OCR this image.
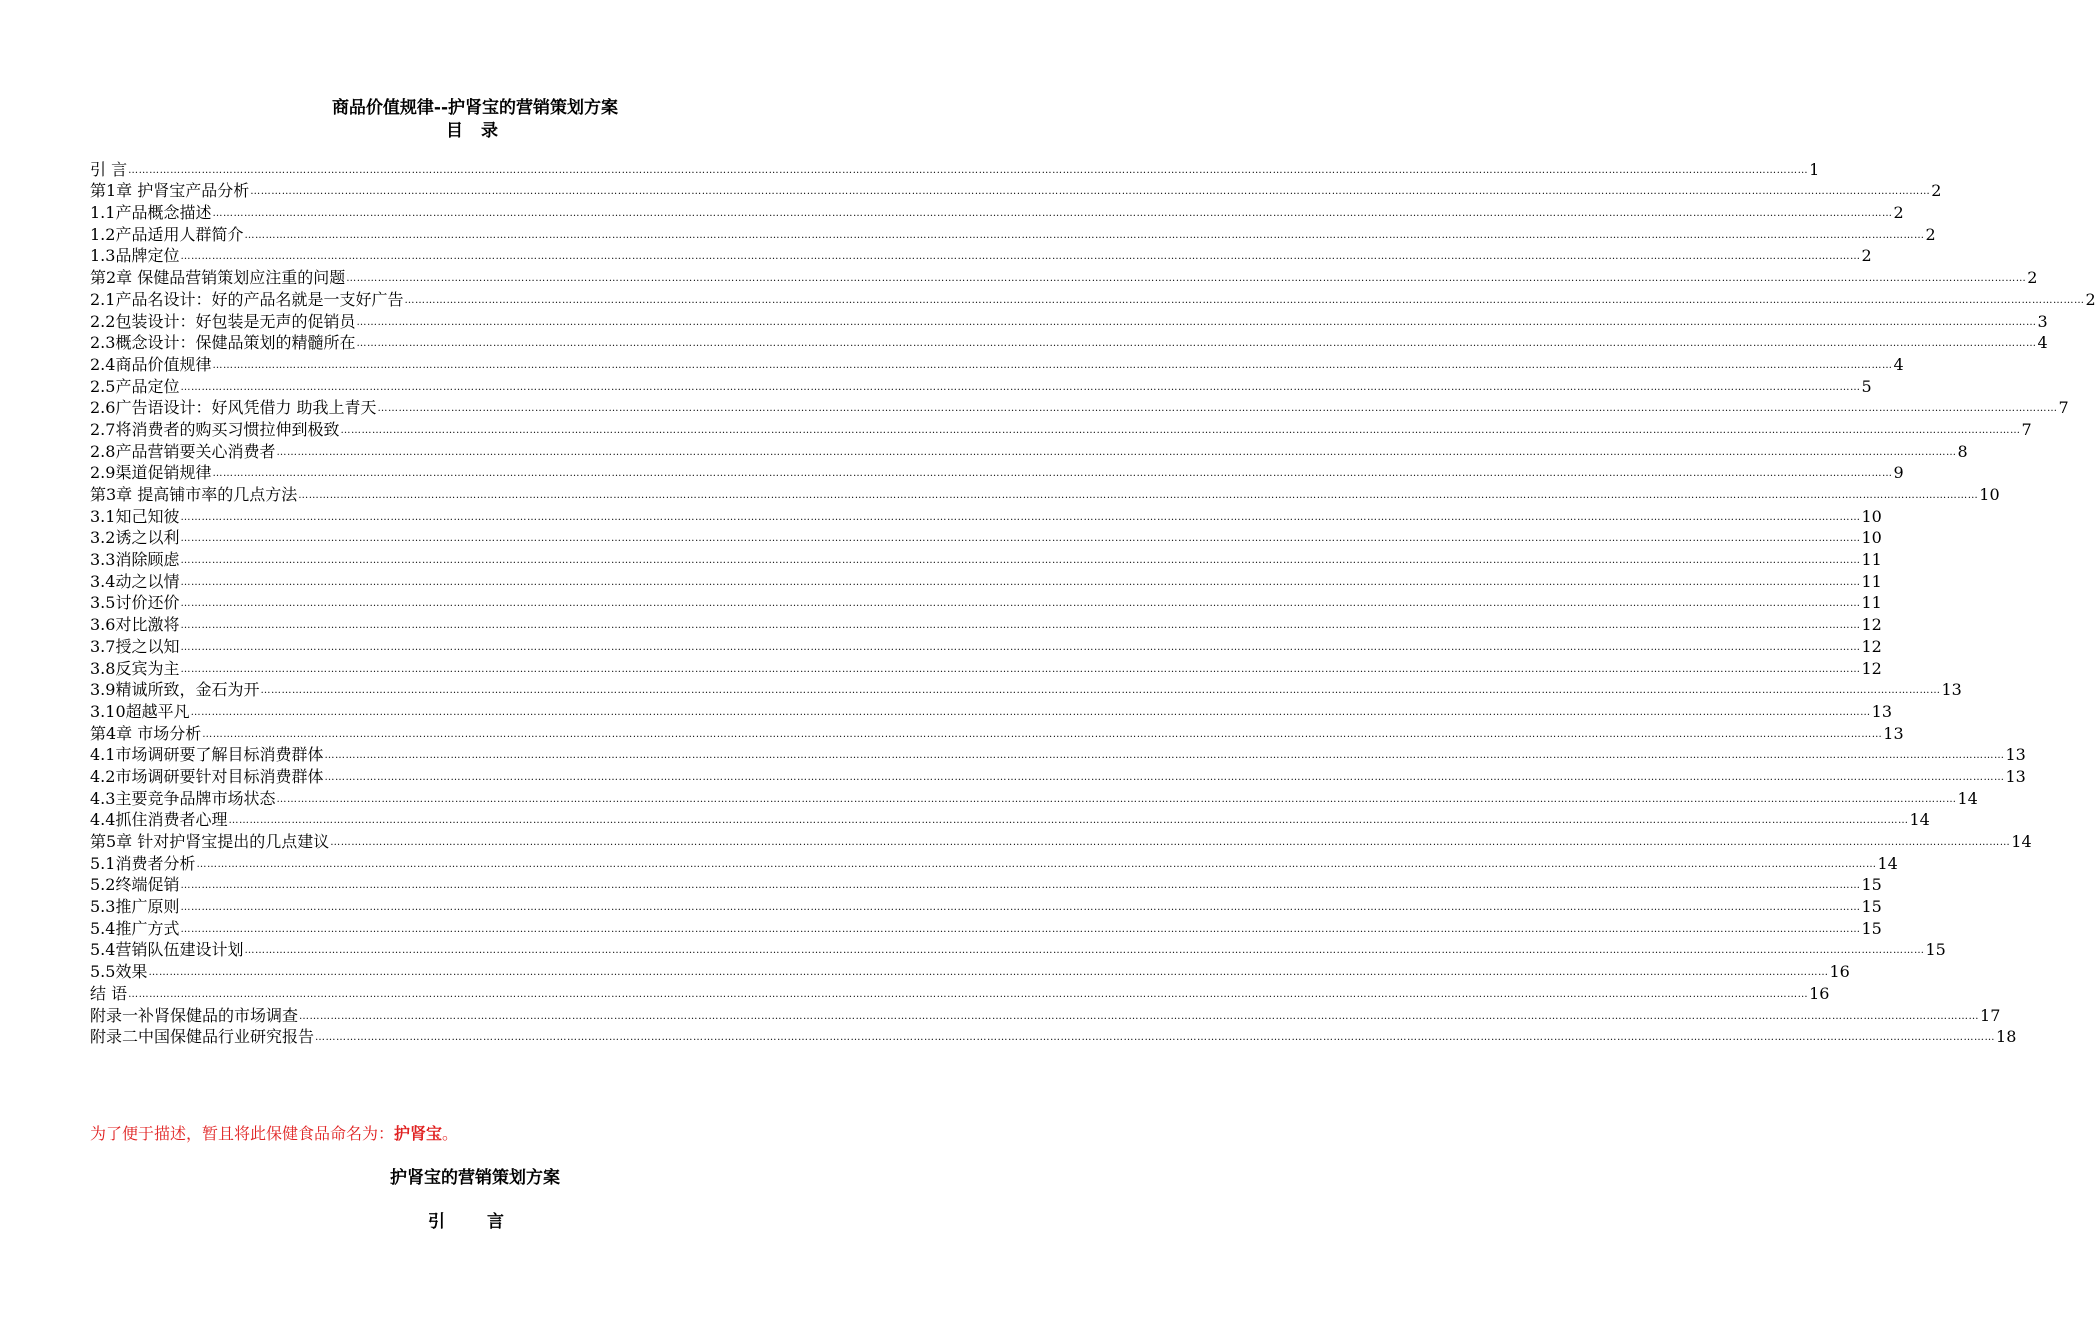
商品价值规律--护肾宝的营销策划方案
目 录
引 言 ………………………………………………………………………………………………………………………………………………………………………………………………………………………………………………………………………………………………………………………………………………………………………………………………………………………………………… 1
第1章 护肾宝产品分析 ………………………………………………………………………………………………………………………………………………………………………………………………………………………………………………………………………………………………………………………………………………………………………………………………………………………………………… 2
1.1产品概念描述 ………………………………………………………………………………………………………………………………………………………………………………………………………………………………………………………………………………………………………………………………………………………………………………………………………………………………………… 2
1.2产品适用人群简介 ………………………………………………………………………………………………………………………………………………………………………………………………………………………………………………………………………………………………………………………………………………………………………………………………………………………………………… 2
1.3品牌定位 ………………………………………………………………………………………………………………………………………………………………………………………………………………………………………………………………………………………………………………………………………………………………………………………………………………………………………… 2
第2章 保健品营销策划应注重的问题 ………………………………………………………………………………………………………………………………………………………………………………………………………………………………………………………………………………………………………………………………………………………………………………………………………………………………………… 2
2.1产品名设计：好的产品名就是一支好广告 ………………………………………………………………………………………………………………………………………………………………………………………………………………………………………………………………………………………………………………………………………………………………………………………………………………………………………… 2
2.2包装设计：好包装是无声的促销员 ………………………………………………………………………………………………………………………………………………………………………………………………………………………………………………………………………………………………………………………………………………………………………………………………………………………………………… 3
2.3概念设计：保健品策划的精髓所在 ………………………………………………………………………………………………………………………………………………………………………………………………………………………………………………………………………………………………………………………………………………………………………………………………………………………………………… 4
2.4商品价值规律 ………………………………………………………………………………………………………………………………………………………………………………………………………………………………………………………………………………………………………………………………………………………………………………………………………………………………………… 4
2.5产品定位 ………………………………………………………………………………………………………………………………………………………………………………………………………………………………………………………………………………………………………………………………………………………………………………………………………………………………………… 5
2.6广告语设计：好风凭借力 助我上青天 ………………………………………………………………………………………………………………………………………………………………………………………………………………………………………………………………………………………………………………………………………………………………………………………………………………………………………… 7
2.7将消费者的购买习惯拉伸到极致 ………………………………………………………………………………………………………………………………………………………………………………………………………………………………………………………………………………………………………………………………………………………………………………………………………………………………………… 7
2.8产品营销要关心消费者 ………………………………………………………………………………………………………………………………………………………………………………………………………………………………………………………………………………………………………………………………………………………………………………………………………………………………………… 8
2.9渠道促销规律 ………………………………………………………………………………………………………………………………………………………………………………………………………………………………………………………………………………………………………………………………………………………………………………………………………………………………………… 9
第3章 提高铺市率的几点方法 ………………………………………………………………………………………………………………………………………………………………………………………………………………………………………………………………………………………………………………………………………………………………………………………………………………………………………… 10
3.1知己知彼 ………………………………………………………………………………………………………………………………………………………………………………………………………………………………………………………………………………………………………………………………………………………………………………………………………………………………………… 10
3.2诱之以利 ………………………………………………………………………………………………………………………………………………………………………………………………………………………………………………………………………………………………………………………………………………………………………………………………………………………………………… 10
3.3消除顾虑 ………………………………………………………………………………………………………………………………………………………………………………………………………………………………………………………………………………………………………………………………………………………………………………………………………………………………………… 11
3.4动之以情 ………………………………………………………………………………………………………………………………………………………………………………………………………………………………………………………………………………………………………………………………………………………………………………………………………………………………………… 11
3.5讨价还价 ………………………………………………………………………………………………………………………………………………………………………………………………………………………………………………………………………………………………………………………………………………………………………………………………………………………………………… 11
3.6对比激将 ………………………………………………………………………………………………………………………………………………………………………………………………………………………………………………………………………………………………………………………………………………………………………………………………………………………………………… 12
3.7授之以知 ………………………………………………………………………………………………………………………………………………………………………………………………………………………………………………………………………………………………………………………………………………………………………………………………………………………………………… 12
3.8反宾为主 ………………………………………………………………………………………………………………………………………………………………………………………………………………………………………………………………………………………………………………………………………………………………………………………………………………………………………… 12
3.9精诚所致，金石为开 ………………………………………………………………………………………………………………………………………………………………………………………………………………………………………………………………………………………………………………………………………………………………………………………………………………………………………… 13
3.10超越平凡 ………………………………………………………………………………………………………………………………………………………………………………………………………………………………………………………………………………………………………………………………………………………………………………………………………………………………………… 13
第4章 市场分析 ………………………………………………………………………………………………………………………………………………………………………………………………………………………………………………………………………………………………………………………………………………………………………………………………………………………………………… 13
4.1市场调研要了解目标消费群体 ………………………………………………………………………………………………………………………………………………………………………………………………………………………………………………………………………………………………………………………………………………………………………………………………………………………………………… 13
4.2市场调研要针对目标消费群体 ………………………………………………………………………………………………………………………………………………………………………………………………………………………………………………………………………………………………………………………………………………………………………………………………………………………………………… 13
4.3主要竞争品牌市场状态 ………………………………………………………………………………………………………………………………………………………………………………………………………………………………………………………………………………………………………………………………………………………………………………………………………………………………………… 14
4.4抓住消费者心理 ………………………………………………………………………………………………………………………………………………………………………………………………………………………………………………………………………………………………………………………………………………………………………………………………………………………………………… 14
第5章 针对护肾宝提出的几点建议 ………………………………………………………………………………………………………………………………………………………………………………………………………………………………………………………………………………………………………………………………………………………………………………………………………………………………………… 14
5.1消费者分析 ………………………………………………………………………………………………………………………………………………………………………………………………………………………………………………………………………………………………………………………………………………………………………………………………………………………………………… 14
5.2终端促销 ………………………………………………………………………………………………………………………………………………………………………………………………………………………………………………………………………………………………………………………………………………………………………………………………………………………………………… 15
5.3推广原则 ………………………………………………………………………………………………………………………………………………………………………………………………………………………………………………………………………………………………………………………………………………………………………………………………………………………………………… 15
5.4推广方式 ………………………………………………………………………………………………………………………………………………………………………………………………………………………………………………………………………………………………………………………………………………………………………………………………………………………………………… 15
5.4营销队伍建设计划 ………………………………………………………………………………………………………………………………………………………………………………………………………………………………………………………………………………………………………………………………………………………………………………………………………………………………………… 15
5.5效果 ………………………………………………………………………………………………………………………………………………………………………………………………………………………………………………………………………………………………………………………………………………………………………………………………………………………………………… 16
结 语 ………………………………………………………………………………………………………………………………………………………………………………………………………………………………………………………………………………………………………………………………………………………………………………………………………………………………………… 16
附录一补肾保健品的市场调查 ………………………………………………………………………………………………………………………………………………………………………………………………………………………………………………………………………………………………………………………………………………………………………………………………………………………………………… 17
附录二中国保健品行业研究报告 ………………………………………………………………………………………………………………………………………………………………………………………………………………………………………………………………………………………………………………………………………………………………………………………………………………………………………… 18
为了便于描述，暂且将此保健食品命名为：护肾宝。
护肾宝的营销策划方案
引 言
